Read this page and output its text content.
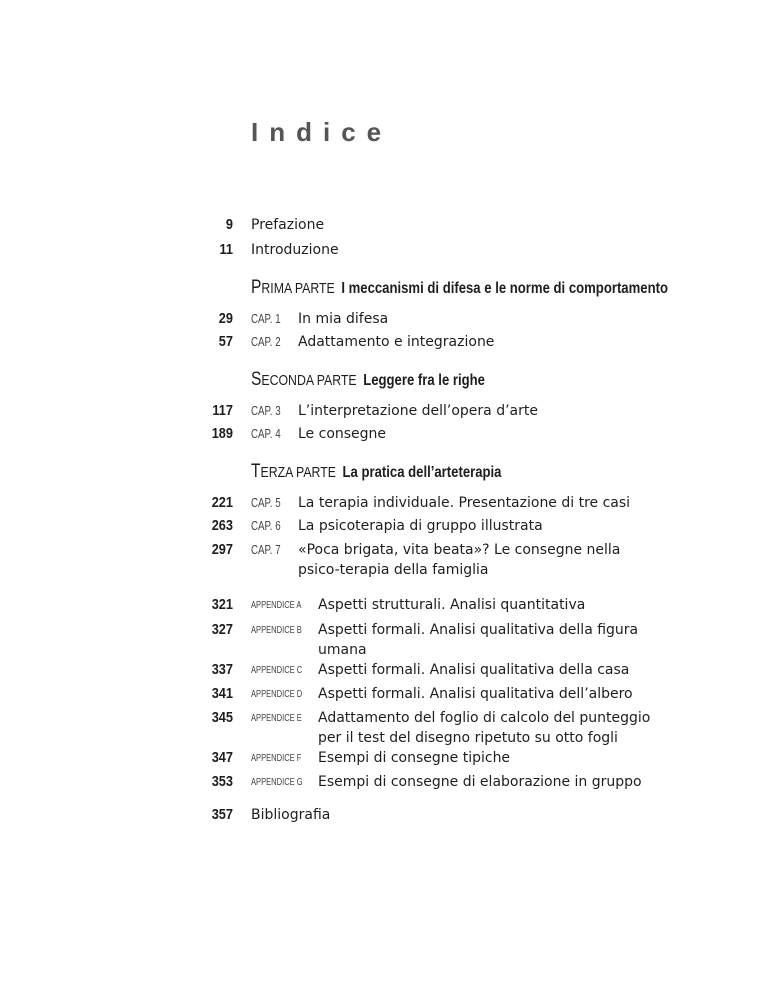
Indice
9 Prefazione
11 Introduzione
PRIMA PARTE I meccanismi di difesa e le norme di comportamento
29 CAP. 1 In mia difesa
57 CAP. 2 Adattamento e integrazione
SECONDA PARTE Leggere fra le righe
117 CAP. 3 L’interpretazione dell’opera d’arte
189 CAP. 4 Le consegne
TERZA PARTE La pratica dell’arteterapia
221 CAP. 5 La terapia individuale. Presentazione di tre casi
263 CAP. 6 La psicoterapia di gruppo illustrata
297 CAP. 7 «Poca brigata, vita beata»? Le consegne nella psico-terapia della famiglia
321 APPENDICE A Aspetti strutturali. Analisi quantitativa
327 APPENDICE B Aspetti formali. Analisi qualitativa della figura umana
337 APPENDICE C Aspetti formali. Analisi qualitativa della casa
341 APPENDICE D Aspetti formali. Analisi qualitativa dell’albero
345 APPENDICE E Adattamento del foglio di calcolo del punteggio per il test del disegno ripetuto su otto fogli
347 APPENDICE F Esempi di consegne tipiche
353 APPENDICE G Esempi di consegne di elaborazione in gruppo
357 Bibliografia
